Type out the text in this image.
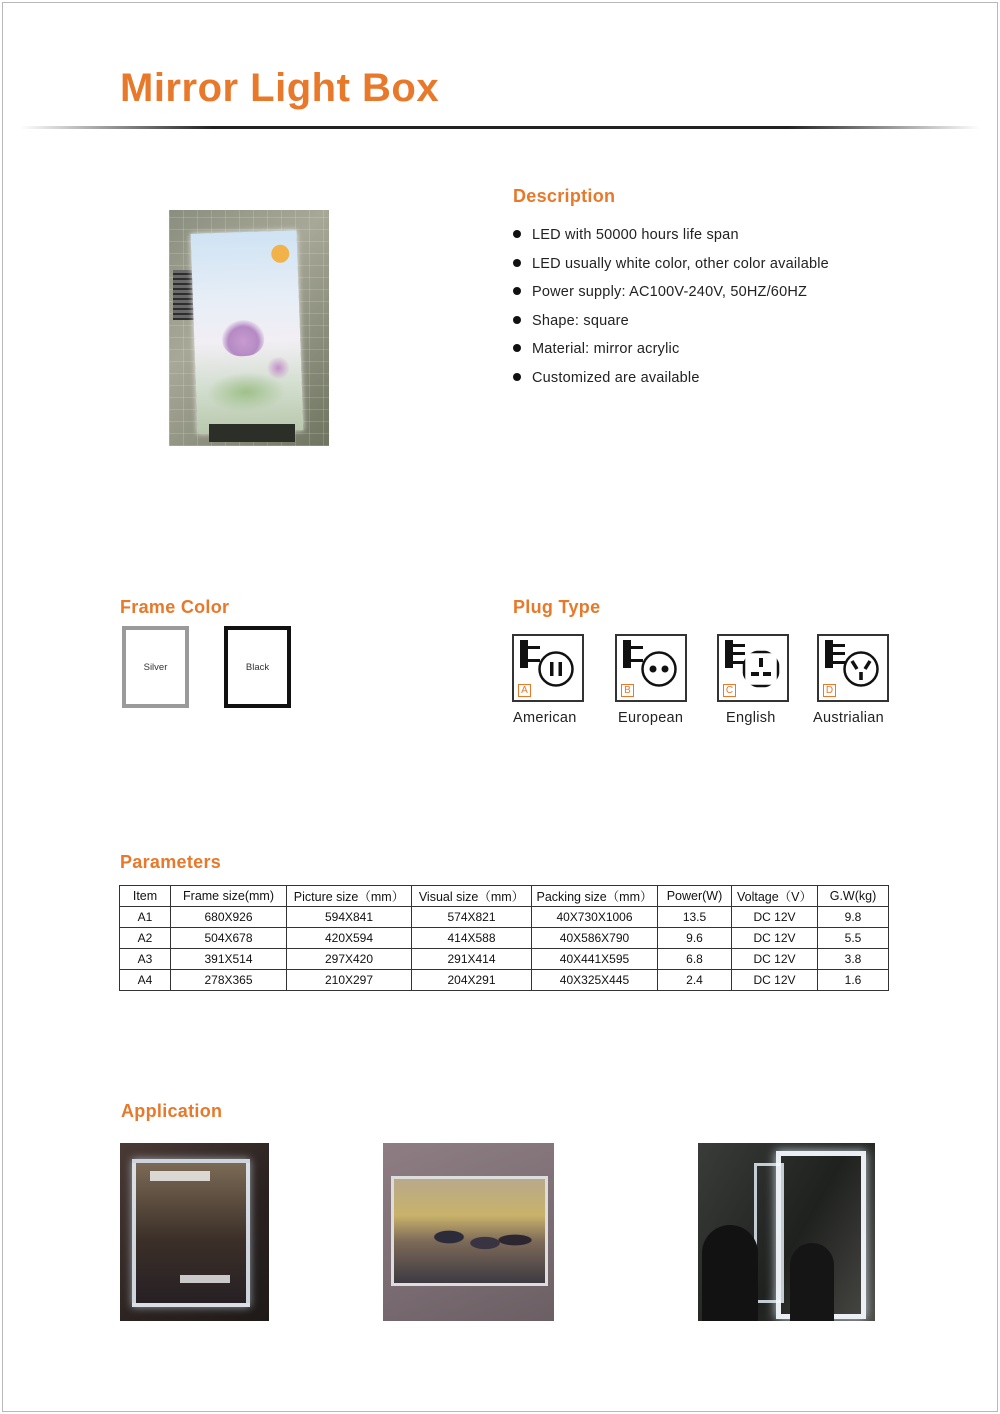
Mirror Light Box
Description
LED with 50000 hours life span
LED usually white color, other color available
Power supply: AC100V-240V, 50HZ/60HZ
Shape: square
Material: mirror acrylic
Customized are available
Frame Color
Silver	Black
Plug Type
A	B	C	D
American	European	English	Austrialian
Parameters
Item	Frame size(mm)	Picture size（mm）	Visual size（mm）	Packing size（mm）	Power(W)	Voltage（V）	G.W(kg)
A1	680X926	594X841	574X821	40X730X1006	13.5	DC 12V	9.8
A2	504X678	420X594	414X588	40X586X790	9.6	DC 12V	5.5
A3	391X514	297X420	291X414	40X441X595	6.8	DC 12V	3.8
A4	278X365	210X297	204X291	40X325X445	2.4	DC 12V	1.6
Application
